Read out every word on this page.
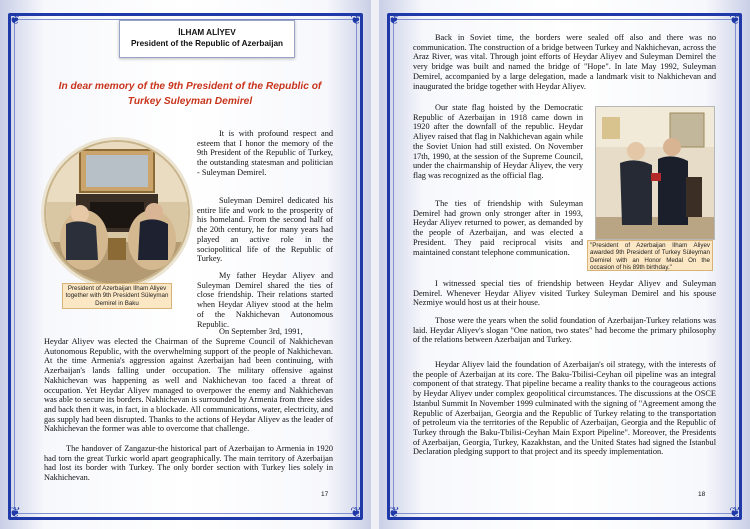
❦	❦
❦	❦
İLHAM ALİYEV
President of the Republic of Azerbaijan
In dear memory of the 9th President of the Republic of Turkey Suleyman Demirel
President of Azerbaijan Ilham Aliyev together with 9th President Süleyman Demirel in Baku
It is with profound respect and esteem that I honor the memory of the 9th President of the Republic of Turkey, the outstanding statesman and politician - Suleyman Demirel.
Suleyman Demirel dedicated his entire life and work to the prosperity of his homeland. From the second half of the 20th century, he for many years had played an active role in the sociopolitical life of the Republic of Turkey.
My father Heydar Aliyev and Suleyman Demirel shared the ties of close friendship. Their relations started when Heydar Aliyev stood at the helm of the Nakhichevan Autonomous Republic.
On September 3rd, 1991,
Heydar Aliyev was elected the Chairman of the Supreme Council of Nakhichevan Autonomous Republic, with the overwhelming support of the people of Nakhichevan. At the time Armenia's aggression against Azerbaijan had been continuing, with Azerbaijan's lands falling under occupation. The military offensive against Nakhichevan was happening as well and Nakhichevan too faced a threat of occupation. Yet Heydar Aliyev managed to overpower the enemy and Nakhichevan was able to secure its borders. Nakhichevan is surrounded by Armenia from three sides and back then it was, in fact, in a blockade. All communications, water, electricity, and gas supply had been disrupted. Thanks to the actions of Heydar Aliyev as the leader of Nakhichevan the former was able to overcome that challenge.
The handover of Zangazur-the historical part of Azerbaijan to Armenia in 1920 had torn the great Turkic world apart geographically. The main territory of Azerbaijan had lost its border with Turkey. The only border section with Turkey lies solely in Nakhichevan.
17
❦	❦
❦	❦
Back in Soviet time, the borders were sealed off also and there was no communication. The construction of a bridge between Turkey and Nakhichevan, across the Araz River, was vital. Through joint efforts of Heydar Aliyev and Suleyman Demirel the very bridge was built and named the bridge of "Hope". In late May 1992, Suleyman Demirel, accompanied by a large delegation, made a landmark visit to Nakhichevan and inaugurated the bridge together with Heydar Aliyev.
Our state flag hoisted by the Democratic Republic of Azerbaijan in 1918 came down in 1920 after the downfall of the republic. Heydar Aliyev raised that flag in Nakhichevan again while the Soviet Union had still existed. On November 17th, 1990, at the session of the Supreme Council, under the chairmanship of Heydar Aliyev, the very flag was recognized as the official flag.
The ties of friendship with Suleyman Demirel had grown only stronger after in 1993, Heydar Aliyev returned to power, as demanded by the people of Azerbaijan, and was elected a President. They paid reciprocal visits and maintained constant telephone communication.
"President of Azerbaijan Ilham Aliyev awarded 9th President of Turkey Süleyman Demirel with an Honor Medal On the occasion of his 89th birthday."
I witnessed special ties of friendship between Heydar Aliyev and Suleyman Demirel. Whenever Heydar Aliyev visited Turkey Suleyman Demirel and his spouse Nezmiye would host us at their house.
Those were the years when the solid foundation of Azerbaijan-Turkey relations was laid. Heydar Aliyev's slogan "One nation, two states" had become the primary philosophy of the relations between Azerbaijan and Turkey.
Heydar Aliyev laid the foundation of Azerbaijan's oil strategy, with the interests of the people of Azerbaijan at its core. The Baku-Tbilisi-Ceyhan oil pipeline was an integral component of that strategy. That pipeline became a reality thanks to the courageous actions by Heydar Aliyev under complex geopolitical circumstances. The discussions at the OSCE Istanbul Summit In November 1999 culminated with the signing of "Agreement among the Republic of Azerbaijan, Georgia and the Republic of Turkey relating to the transportation of petroleum via the territories of the Republic of Azerbaijan, Georgia and the Republic of Turkey through the Baku-Tbilisi-Ceyhan Main Export Pipeline". Moreover, the Presidents of Azerbaijan, Georgia, Turkey, Kazakhstan, and the United States had signed the Istanbul Declaration pledging support to that project and its speedy implementation.
18
